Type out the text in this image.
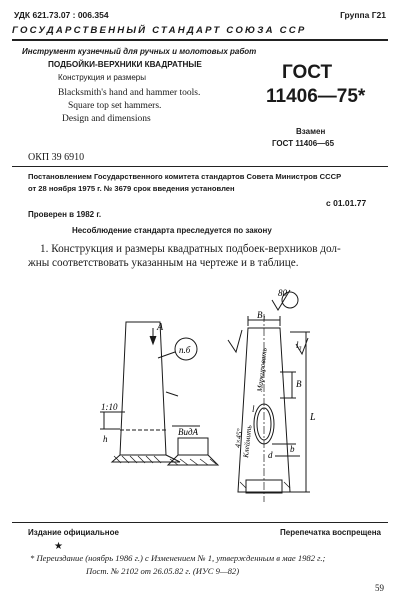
УДК 621.73.07 : 006.354	Группа Г21
ГОСУДАРСТВЕННЫЙ СТАНДАРТ СОЮЗА ССР
Инструмент кузнечный для ручных и молотовых работ
ПОДБОЙКИ-ВЕРХНИКИ КВАДРАТНЫЕ
Конструкция и размеры
Blacksmith's hand and hammer tools.
Square top set hammers.
Design and dimensions
ГОСТ
11406—75*
Взамен
ГОСТ 11406—65
ОКП 39 6910
Постановлением Государственного комитета стандартов Совета Министров СССР
от 28 ноября 1975 г. № 3679 срок введения установлен
с 01.01.77
Проверен в 1982 г.
Несоблюдение стандарта преследуется по закону
1. Конструкция и размеры квадратных подбоек-верхников дол-
жны соответствовать указанным на чертеже и в таблице.
80
A
п.б
B₁
l₃
B
1:10
L
h
ВидA
Маркировать
4×45°
d
b
l
Клеймить
Издание официальное	Перепечатка воспрещена
★
* Переиздание (ноябрь 1986 г.) с Изменением № 1, утвержденным в мае 1982 г.;
Пост. № 2102 от 26.05.82 г. (ИУС 9—82)
59
